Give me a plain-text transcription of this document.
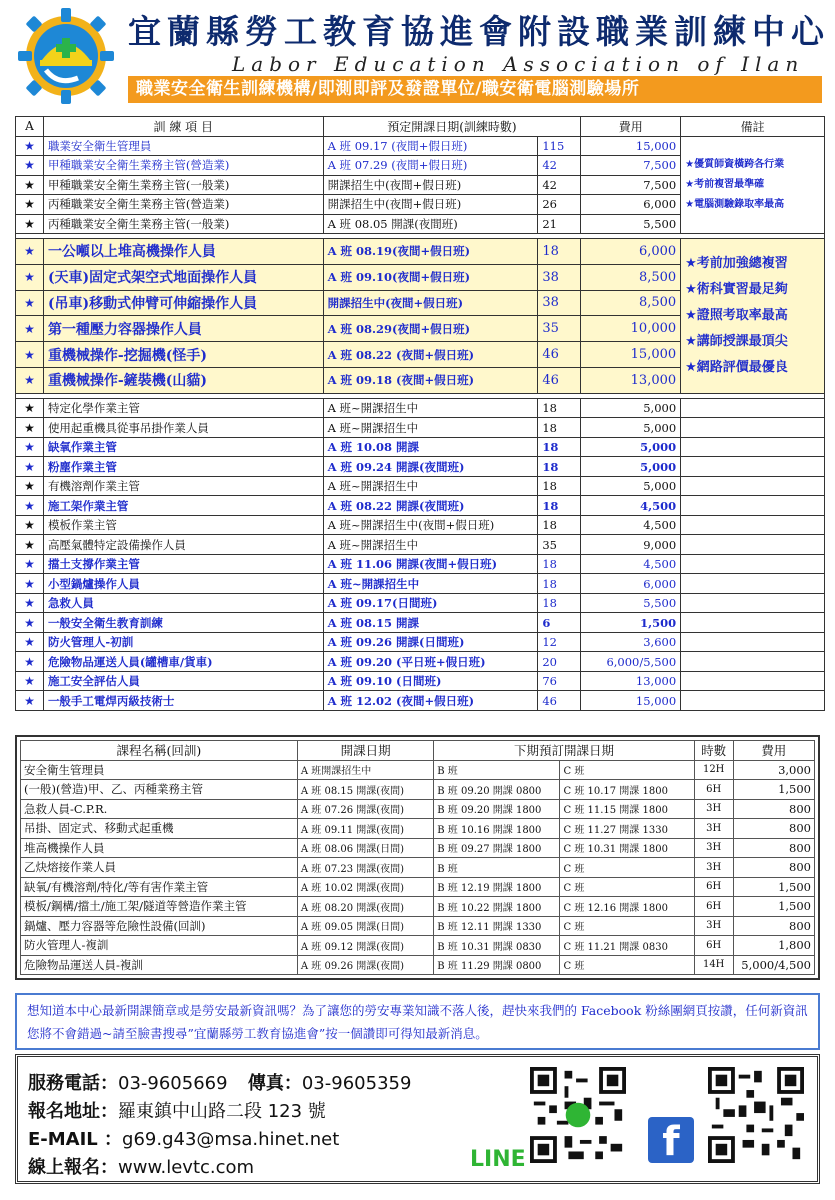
宜蘭縣勞工教育協進會附設職業訓練中心
Labor Education Association of Ilan
職業安全衛生訓練機構/即測即評及發證單位/職安衛電腦測驗場所
A	訓 練 項 目	預定開課日期(訓練時數)		費用	備註
★	職業安全衛生管理員	A 班 09.17 (夜間+假日班)	115	15,000	★優質師資橫跨各行業
★考前複習最準確
★電腦測驗錄取率最高

★	甲種職業安全衛生業務主管(營造業)	A 班 07.29 (夜間+假日班)	42	7,500	
★	甲種職業安全衛生業務主管(一般業)	開課招生中(夜間+假日班)	42	7,500	
★	丙種職業安全衛生業務主管(營造業)	開課招生中(夜間+假日班)	26	6,000	
★	丙種職業安全衛生業務主管(一般業)	A 班 08.05 開課(夜間班)	21	5,500	

★	一公噸以上堆高機操作人員	A 班 08.19(夜間+假日班)	18	6,000	★考前加強總複習
★術科實習最足夠
★證照考取率最高
★講師授課最頂尖
★網路評價最優良

★	(天車)固定式架空式地面操作人員	A 班 09.10(夜間+假日班)	38	8,500	
★	(吊車)移動式伸臂可伸縮操作人員	開課招生中(夜間+假日班)	38	8,500	
★	第一種壓力容器操作人員	A 班 08.29(夜間+假日班)	35	10,000	
★	重機械操作-挖掘機(怪手)	A 班 08.22 (夜間+假日班)	46	15,000	
★	重機械操作-鏟裝機(山貓)	A 班 09.18 (夜間+假日班)	46	13,000	

★	特定化學作業主管	A 班~開課招生中	18	5,000	
★	使用起重機具從事吊掛作業人員	A 班~開課招生中	18	5,000	
★	缺氧作業主管	A 班 10.08 開課	18	5,000	
★	粉塵作業主管	A 班 09.24 開課(夜間班)	18	5,000	
★	有機溶劑作業主管	A 班~開課招生中	18	5,000	
★	施工架作業主管	A 班 08.22 開課(夜間班)	18	4,500	
★	模板作業主管	A 班~開課招生中(夜間+假日班)	18	4,500	
★	高壓氣體特定設備操作人員	A 班~開課招生中	35	9,000	
★	擋土支撐作業主管	A 班 11.06 開課(夜間+假日班)	18	4,500	
★	小型鍋爐操作人員	A 班~開課招生中	18	6,000	
★	急救人員	A 班 09.17(日間班)	18	5,500	
★	一般安全衛生教育訓練	A 班 08.15 開課	6	1,500	
★	防火管理人-初訓	A 班 09.26 開課(日間班)	12	3,600	
★	危險物品運送人員(罐槽車/貨車)	A 班 09.20 (平日班+假日班)	20	6,000/5,500	
★	施工安全評估人員	A 班 09.10 (日間班)	76	13,000	
★	一般手工電焊丙級技術士	A 班 12.02 (夜間+假日班)	46	15,000	
課程名稱(回訓)	開課日期	下期預訂開課日期		時數	費用
安全衛生管理員	A 班開課招生中	B 班	C 班	12H	3,000
(一般)(營造)甲、乙、丙種業務主管	A 班 08.15 開課(夜間)	B 班 09.20 開課 0800	C 班 10.17 開課 1800	6H	1,500
急救人員-C.P.R.	A 班 07.26 開課(夜間)	B 班 09.20 開課 1800	C 班 11.15 開課 1800	3H	800
吊掛、固定式、移動式起重機	A 班 09.11 開課(夜間)	B 班 10.16 開課 1800	C 班 11.27 開課 1330	3H	800
堆高機操作人員	A 班 08.06 開課(日間)	B 班 09.27 開課 1800	C 班 10.31 開課 1800	3H	800
乙炔熔接作業人員	A 班 07.23 開課(夜間)	B 班	C 班	3H	800
缺氧/有機溶劑/特化/等有害作業主管	A 班 10.02 開課(夜間)	B 班 12.19 開課 1800	C 班	6H	1,500
模板/鋼構/擋土/施工架/隧道等營造作業主管	A 班 08.20 開課(夜間)	B 班 10.22 開課 1800	C 班 12.16 開課 1800	6H	1,500
鍋爐、壓力容器等危險性設備(回訓)	A 班 09.05 開課(日間)	B 班 12.11 開課 1330	C 班	3H	800
防火管理人-複訓	A 班 09.12 開課(夜間)	B 班 10.31 開課 0830	C 班 11.21 開課 0830	6H	1,800
危險物品運送人員-複訓	A 班 09.26 開課(夜間)	B 班 11.29 開課 0800	C 班	14H	5,000/4,500
想知道本中心最新開課簡章或是勞安最新資訊嗎？為了讓您的勞安專業知識不落人後，趕快來我們的 Facebook 粉絲團網頁按讚，任何新資訊您將不會錯過~請至臉書搜尋”宜蘭縣勞工教育協進會”按一個讚即可得知最新消息。
服務電話：03-9605669 傳真：03-9605359
報名地址：羅東鎮中山路二段 123 號
E-MAIL ：g69.g43@msa.hinet.net
線上報名：www.levtc.com	LINE	f
